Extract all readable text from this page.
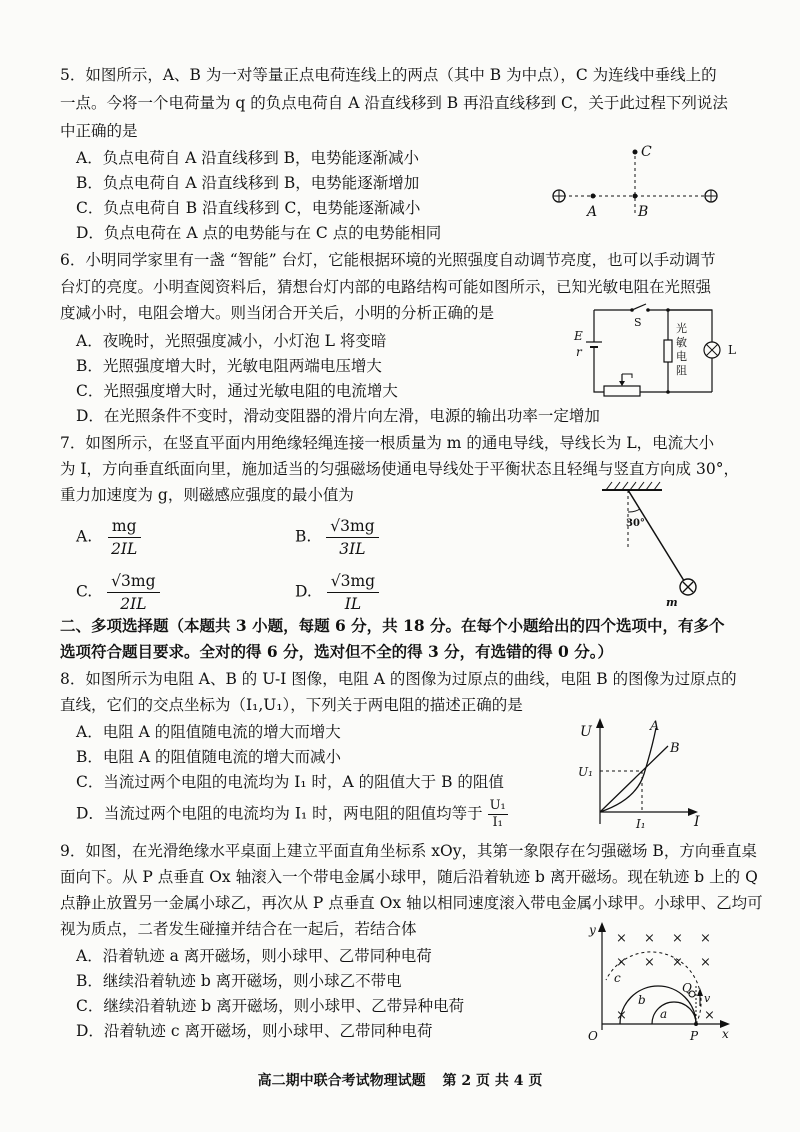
5．如图所示，A、B 为一对等量正点电荷连线上的两点（其中 B 为中点），C 为连线中垂线上的
一点。今将一个电荷量为 q 的负点电荷自 A 沿直线移到 B 再沿直线移到 C，关于此过程下列说法
中正确的是
A．负点电荷自 A 沿直线移到 B，电势能逐渐减小
B．负点电荷自 A 沿直线移到 B，电势能逐渐增加
C．负点电荷自 B 沿直线移到 C，电势能逐渐减小
D．负点电荷在 A 点的电势能与在 C 点的电势能相同
C
A	B
6．小明同学家里有一盏 “智能” 台灯，它能根据环境的光照强度自动调节亮度，也可以手动调节
台灯的亮度。小明查阅资料后，猜想台灯内部的电路结构可能如图所示，已知光敏电阻在光照强
度减小时，电阻会增大。则当闭合开关后，小明的分析正确的是
A．夜晚时，光照强度减小，小灯泡 L 将变暗
B．光照强度增大时，光敏电阻两端电压增大
C．光照强度增大时，通过光敏电阻的电流增大
D．在光照条件不变时，滑动变阻器的滑片向左滑，电源的输出功率一定增加
E
r
S	光
敏
电
阻
L
7．如图所示，在竖直平面内用绝缘轻绳连接一根质量为 m 的通电导线，导线长为 L，电流大小
为 I，方向垂直纸面向里，施加适当的匀强磁场使通电导线处于平衡状态且轻绳与竖直方向成 30°，
重力加速度为 g，则磁感应强度的最小值为
A. $\frac{mg}{2IL}$	B. $\frac{√3mg}{3IL}$
C. $\frac{√3mg}{2IL}$	D. $\frac{√3mg}{IL}$
30°
m
二、多项选择题（本题共 3 小题，每题 6 分，共 18 分。在每个小题给出的四个选项中，有多个
选项符合题目要求。全对的得 6 分，选对但不全的得 3 分，有选错的得 0 分。）
8．如图所示为电阻 A、B 的 U-I 图像，电阻 A 的图像为过原点的曲线，电阻 B 的图像为过原点的
直线，它们的交点坐标为（I₁,U₁），下列关于两电阻的描述正确的是
A．电阻 A 的阻值随电流的增大而增大
B．电阻 A 的阻值随电流的增大而减小
C．当流过两个电阻的电流均为 I₁ 时，A 的阻值大于 B 的阻值
D．当流过两个电阻的电流均为 I₁ 时，两电阻的阻值均等于 $\frac{\text{U₁}}{\text{I₁}}$
U
I
A
B
U₁
I₁
9．如图，在光滑绝缘水平桌面上建立平面直角坐标系 xOy，其第一象限存在匀强磁场 B，方向垂直桌
面向下。从 P 点垂直 Ox 轴滚入一个带电金属小球甲，随后沿着轨迹 b 离开磁场。现在轨迹 b 上的 Q
点静止放置另一金属小球乙，再次从 P 点垂直 Ox 轴以相同速度滚入带电金属小球甲。小球甲、乙均可
视为质点，二者发生碰撞并结合在一起后，若结合体
A．沿着轨迹 a 离开磁场，则小球甲、乙带同种电荷
B．继续沿着轨迹 b 离开磁场，则小球乙不带电
C．继续沿着轨迹 b 离开磁场，则小球甲、乙带异种电荷
D．沿着轨迹 c 离开磁场，则小球甲、乙带同种电荷
× × × ×
× × × ×
×	×
y
x
O	P
Q
v
a
b
c
高二期中联合考试物理试题 第 2 页 共 4 页
